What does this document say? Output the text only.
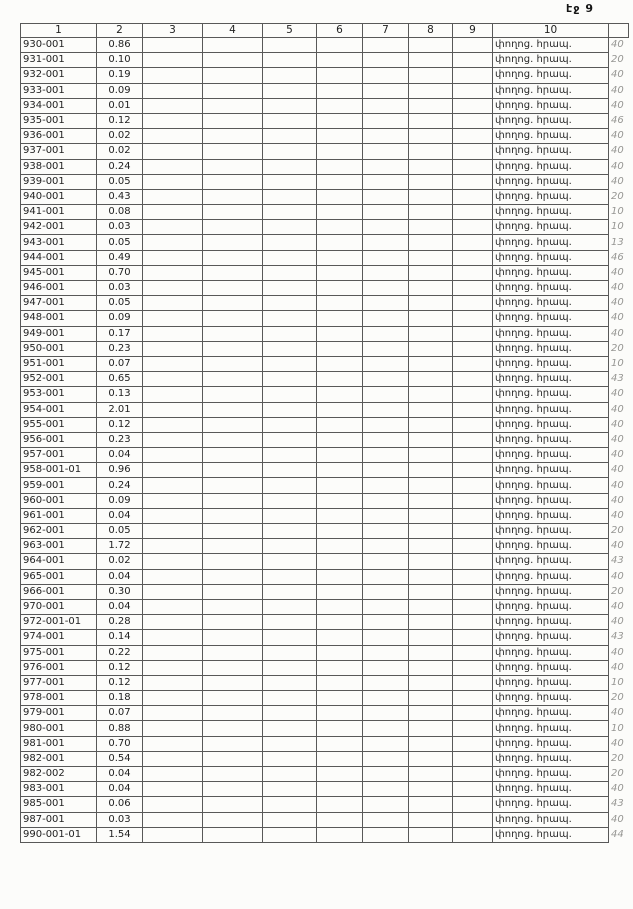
էջ 9
1	2	3	4	5	6	7	8	9	10	
930-001	0.86								փողոց. հրապ.	40
931-001	0.10								փողոց. հրապ.	20
932-001	0.19								փողոց. հրապ.	40
933-001	0.09								փողոց. հրապ.	40
934-001	0.01								փողոց. հրապ.	40
935-001	0.12								փողոց. հրապ.	46
936-001	0.02								փողոց. հրապ.	40
937-001	0.02								փողոց. հրապ.	40
938-001	0.24								փողոց. հրապ.	40
939-001	0.05								փողոց. հրապ.	40
940-001	0.43								փողոց. հրապ.	20
941-001	0.08								փողոց. հրապ.	10
942-001	0.03								փողոց. հրապ.	10
943-001	0.05								փողոց. հրապ.	13
944-001	0.49								փողոց. հրապ.	46
945-001	0.70								փողոց. հրապ.	40
946-001	0.03								փողոց. հրապ.	40
947-001	0.05								փողոց. հրապ.	40
948-001	0.09								փողոց. հրապ.	40
949-001	0.17								փողոց. հրապ.	40
950-001	0.23								փողոց. հրապ.	20
951-001	0.07								փողոց. հրապ.	10
952-001	0.65								փողոց. հրապ.	43
953-001	0.13								փողոց. հրապ.	40
954-001	2.01								փողոց. հրապ.	40
955-001	0.12								փողոց. հրապ.	40
956-001	0.23								փողոց. հրապ.	40
957-001	0.04								փողոց. հրապ.	40
958-001-01	0.96								փողոց. հրապ.	40
959-001	0.24								փողոց. հրապ.	40
960-001	0.09								փողոց. հրապ.	40
961-001	0.04								փողոց. հրապ.	40
962-001	0.05								փողոց. հրապ.	20
963-001	1.72								փողոց. հրապ.	40
964-001	0.02								փողոց. հրապ.	43
965-001	0.04								փողոց. հրապ.	40
966-001	0.30								փողոց. հրապ.	20
970-001	0.04								փողոց. հրապ.	40
972-001-01	0.28								փողոց. հրապ.	40
974-001	0.14								փողոց. հրապ.	43
975-001	0.22								փողոց. հրապ.	40
976-001	0.12								փողոց. հրապ.	40
977-001	0.12								փողոց. հրապ.	10
978-001	0.18								փողոց. հրապ.	20
979-001	0.07								փողոց. հրապ.	40
980-001	0.88								փողոց. հրապ.	10
981-001	0.70								փողոց. հրապ.	40
982-001	0.54								փողոց. հրապ.	20
982-002	0.04								փողոց. հրապ.	20
983-001	0.04								փողոց. հրապ.	40
985-001	0.06								փողոց. հրապ.	43
987-001	0.03								փողոց. հրապ.	40
990-001-01	1.54								փողոց. հրապ.	44
